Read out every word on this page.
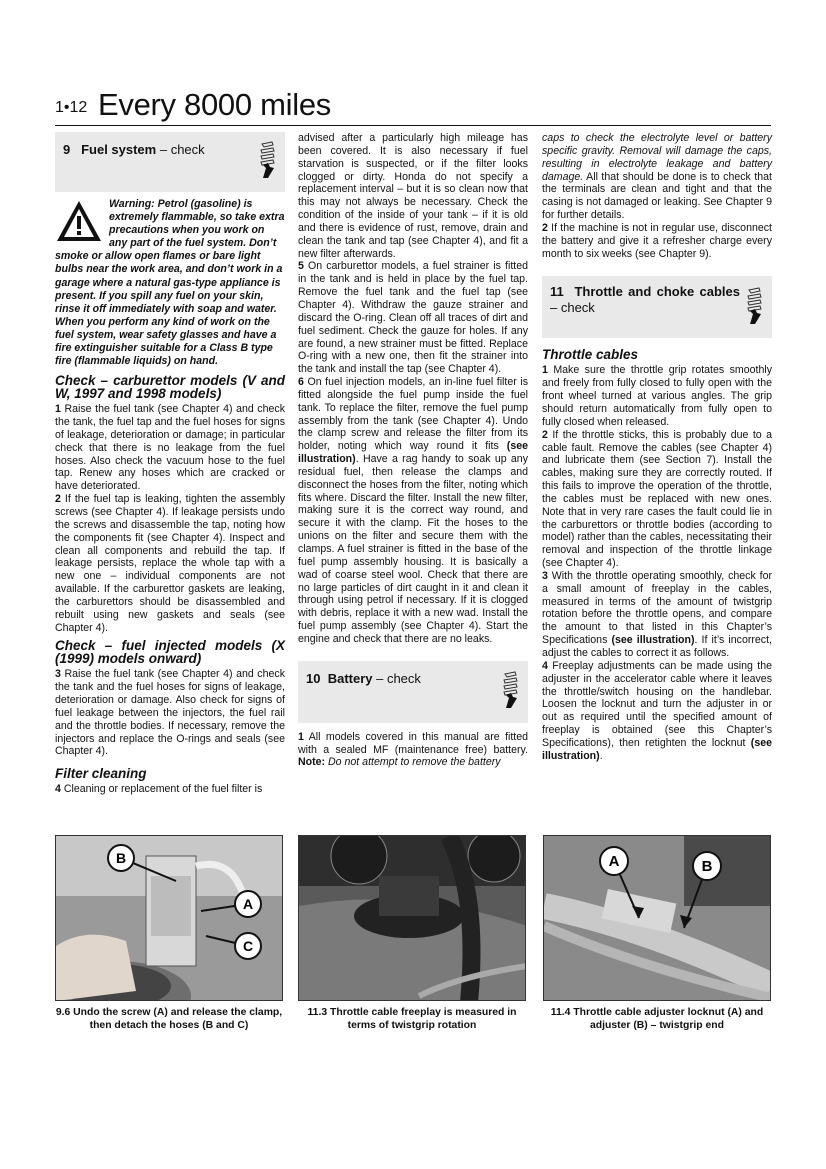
1•12 Every 8000 miles
9 Fuel system – check
Warning: Petrol (gasoline) is extremely flammable, so take extra precautions when you work on any part of the fuel system. Don’t smoke or allow open flames or bare light bulbs near the work area, and don’t work in a garage where a natural gas-type appliance is present. If you spill any fuel on your skin, rinse it off immediately with soap and water. When you perform any kind of work on the fuel system, wear safety glasses and have a fire extinguisher suitable for a Class B type fire (flammable liquids) on hand.
Check – carburettor models (V and W, 1997 and 1998 models)

1 Raise the fuel tank (see Chapter 4) and check the tank, the fuel tap and the fuel hoses for signs of leakage, deterioration or damage; in particular check that there is no leakage from the fuel hoses. Also check the vacuum hose to the fuel tap. Renew any hoses which are cracked or have deteriorated.

2 If the fuel tap is leaking, tighten the assembly screws (see Chapter 4). If leakage persists undo the screws and disassemble the tap, noting how the components fit (see Chapter 4). Inspect and clean all components and rebuild the tap. If leakage persists, replace the whole tap with a new one – individual components are not available. If the carburettor gaskets are leaking, the carburettors should be disassembled and rebuilt using new gaskets and seals (see Chapter 4).

Check – fuel injected models (X (1999) models onward)

3 Raise the fuel tank (see Chapter 4) and check the tank and the fuel hoses for signs of leakage, deterioration or damage. Also check for signs of fuel leakage between the injectors, the fuel rail and the throttle bodies. If necessary, remove the injectors and replace the O-rings and seals (see Chapter 4).

Filter cleaning

4 Cleaning or replacement of the fuel filter is

advised after a particularly high mileage has been covered. It is also necessary if fuel starvation is suspected, or if the filter looks clogged or dirty. Honda do not specify a replacement interval – but it is so clean now that this may not always be necessary. Check the condition of the inside of your tank – if it is old and there is evidence of rust, remove, drain and clean the tank and tap (see Chapter 4), and fit a new filter afterwards.

5 On carburettor models, a fuel strainer is fitted in the tank and is held in place by the fuel tap. Remove the fuel tank and the fuel tap (see Chapter 4). Withdraw the gauze strainer and discard the O-ring. Clean off all traces of dirt and fuel sediment. Check the gauze for holes. If any are found, a new strainer must be fitted. Replace O-ring with a new one, then fit the strainer into the tank and install the tap (see Chapter 4).

6 On fuel injection models, an in-line fuel filter is fitted alongside the fuel pump inside the fuel tank. To replace the filter, remove the fuel pump assembly from the tank (see Chapter 4). Undo the clamp screw and release the filter from its holder, noting which way round it fits (see illustration). Have a rag handy to soak up any residual fuel, then release the clamps and disconnect the hoses from the filter, noting which fits where. Discard the filter. Install the new filter, making sure it is the correct way round, and secure it with the clamp. Fit the hoses to the unions on the filter and secure them with the clamps. A fuel strainer is fitted in the base of the fuel pump assembly housing. It is basically a wad of coarse steel wool. Check that there are no large particles of dirt caught in it and clean it through using petrol if necessary. If it is clogged with debris, replace it with a new wad. Install the fuel pump assembly (see Chapter 4). Start the engine and check that there are no leaks.

10 Battery – check

1 All models covered in this manual are fitted with a sealed MF (maintenance free) battery. Note: Do not attempt to remove the battery

caps to check the electrolyte level or battery specific gravity. Removal will damage the caps, resulting in electrolyte leakage and battery damage. All that should be done is to check that the terminals are clean and tight and that the casing is not damaged or leaking. See Chapter 9 for further details.

2 If the machine is not in regular use, disconnect the battery and give it a refresher charge every month to six weeks (see Chapter 9).

11 Throttle and choke cables – check
Throttle cables

1 Make sure the throttle grip rotates smoothly and freely from fully closed to fully open with the front wheel turned at various angles. The grip should return automatically from fully open to fully closed when released.

2 If the throttle sticks, this is probably due to a cable fault. Remove the cables (see Chapter 4) and lubricate them (see Section 7). Install the cables, making sure they are correctly routed. If this fails to improve the operation of the throttle, the cables must be replaced with new ones. Note that in very rare cases the fault could lie in the carburettors or throttle bodies (according to model) rather than the cables, necessitating their removal and inspection of the throttle linkage (see Chapter 4).

3 With the throttle operating smoothly, check for a small amount of freeplay in the cables, measured in terms of the amount of twistgrip rotation before the throttle opens, and compare the amount to that listed in this Chapter’s Specifications (see illustration). If it’s incorrect, adjust the cables to correct it as follows.

4 Freeplay adjustments can be made using the adjuster in the accelerator cable where it leaves the throttle/switch housing on the handlebar. Loosen the locknut and turn the adjuster in or out as required until the specified amount of freeplay is obtained (see this Chapter’s Specifications), then retighten the locknut (see illustration).

B
A
C
9.6 Undo the screw (A) and release the clamp, then detach the hoses (B and C)
11.3 Throttle cable freeplay is measured in terms of twistgrip rotation
A	B
11.4 Throttle cable adjuster locknut (A) and adjuster (B) – twistgrip end
